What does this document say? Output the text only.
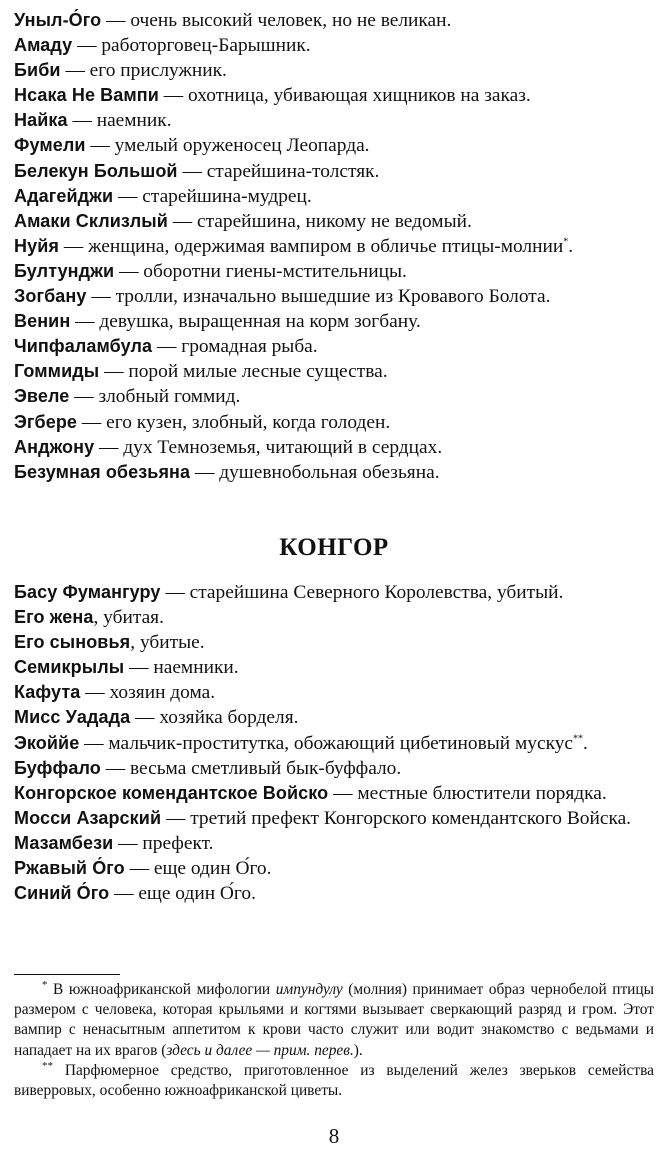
Уныл-О́го — очень высокий человек, но не великан.

Амаду — работорговец-Барышник.

Биби — его прислужник.

Нсака Не Вампи — охотница, убивающая хищников на заказ.

Найка — наемник.

Фумели — умелый оруженосец Леопарда.

Белекун Большой — старейшина-толстяк.

Адагейджи — старейшина-мудрец.

Амаки Склизлый — старейшина, никому не ведомый.

Нуйя — женщина, одержимая вампиром в обличье птицы-молнии*.

Бултунджи — оборотни гиены-мстительницы.

Зогбану — тролли, изначально вышедшие из Кровавого Болота.

Венин — девушка, выращенная на корм зогбану.

Чипфаламбула — громадная рыба.

Гоммиды — порой милые лесные существа.

Эвеле — злобный гоммид.

Эгбере — его кузен, злобный, когда голоден.

Анджону — дух Темноземья, читающий в сердцах.

Безумная обезьяна — душевнобольная обезьяна.

КОНГОР

Басу Фумангуру — старейшина Северного Королевства, убитый.

Его жена, убитая.

Его сыновья, убитые.

Семикрылы — наемники.

Кафута — хозяин дома.

Мисс Уадада — хозяйка борделя.

Экоййе — мальчик-проститутка, обожающий цибетиновый мускус**.

Буффало — весьма сметливый бык-буффало.

Конгорское комендантское Войско — местные блюстители порядка.

Мосси Азарский — третий префект Конгорского комендантского Войска.

Мазамбези — префект.

Ржавый О́го — еще один О́го.

Синий О́го — еще один О́го.

* В южноафриканской мифологии импундулу (молния) принимает образ чернобелой птицы размером с человека, которая крыльями и когтями вызывает сверкающий разряд и гром. Этот вампир с ненасытным аппетитом к крови часто служит или водит знакомство с ведьмами и нападает на их врагов (здесь и далее — прим. перев.).

** Парфюмерное средство, приготовленное из выделений желез зверьков семейства виверровых, особенно южноафриканской циветы.

8
